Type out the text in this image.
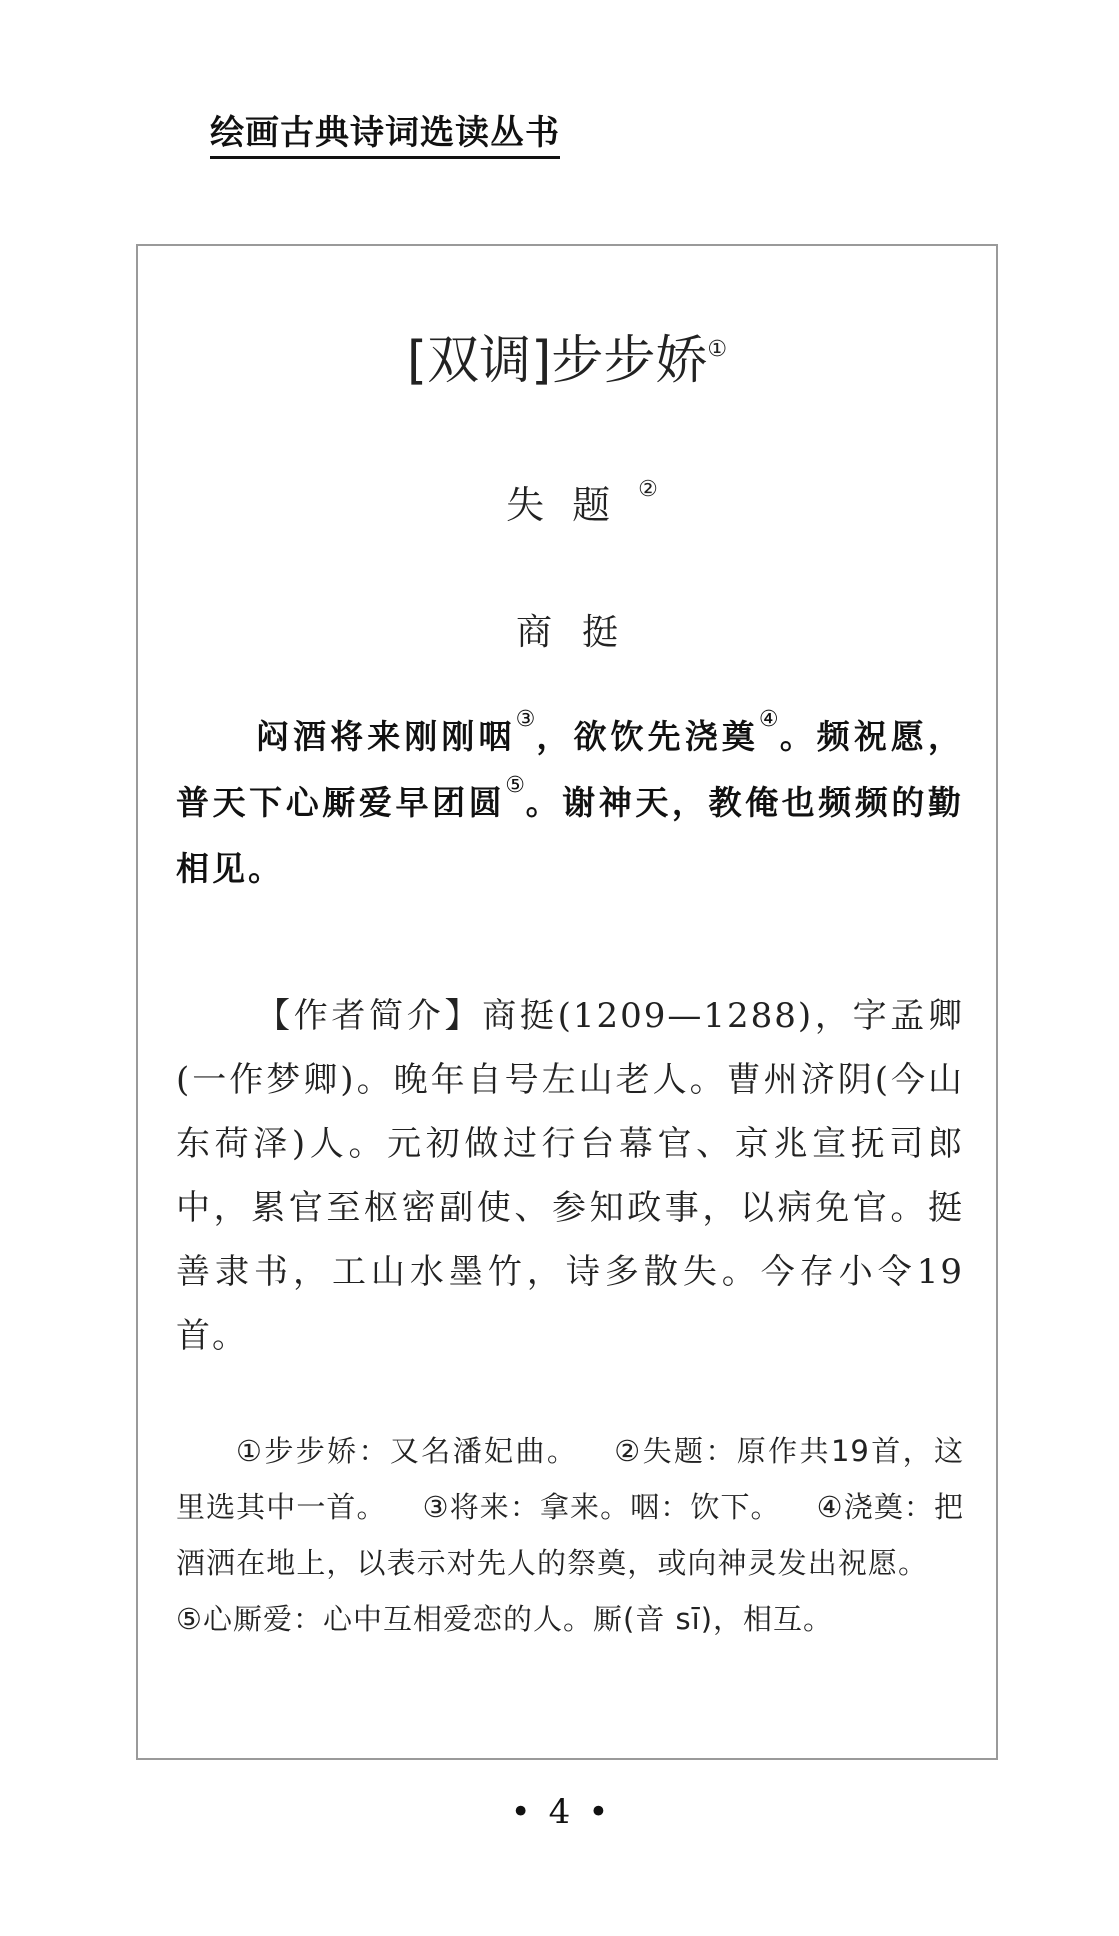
绘画古典诗词选读丛书
[双调]步步娇①
失题②
商挺
闷酒将来刚刚咽③，欲饮先浇奠④。频祝愿，普天下心厮爱早团圆⑤。谢神天，教俺也频频的勤相见。
【作者简介】商挺(1209—1288)，字孟卿(一作梦卿)。晚年自号左山老人。曹州济阴(今山东荷泽)人。元初做过行台幕官、京兆宣抚司郎中，累官至枢密副使、参知政事，以病免官。挺善隶书，工山水墨竹，诗多散失。今存小令19首。
①步步娇：又名潘妃曲。 ②失题：原作共19首，这里选其中一首。 ③将来：拿来。咽：饮下。 ④浇奠：把酒洒在地上，以表示对先人的祭奠，或向神灵发出祝愿。⑤心厮爱：心中互相爱恋的人。厮(音 sī)，相互。
• 4 •
